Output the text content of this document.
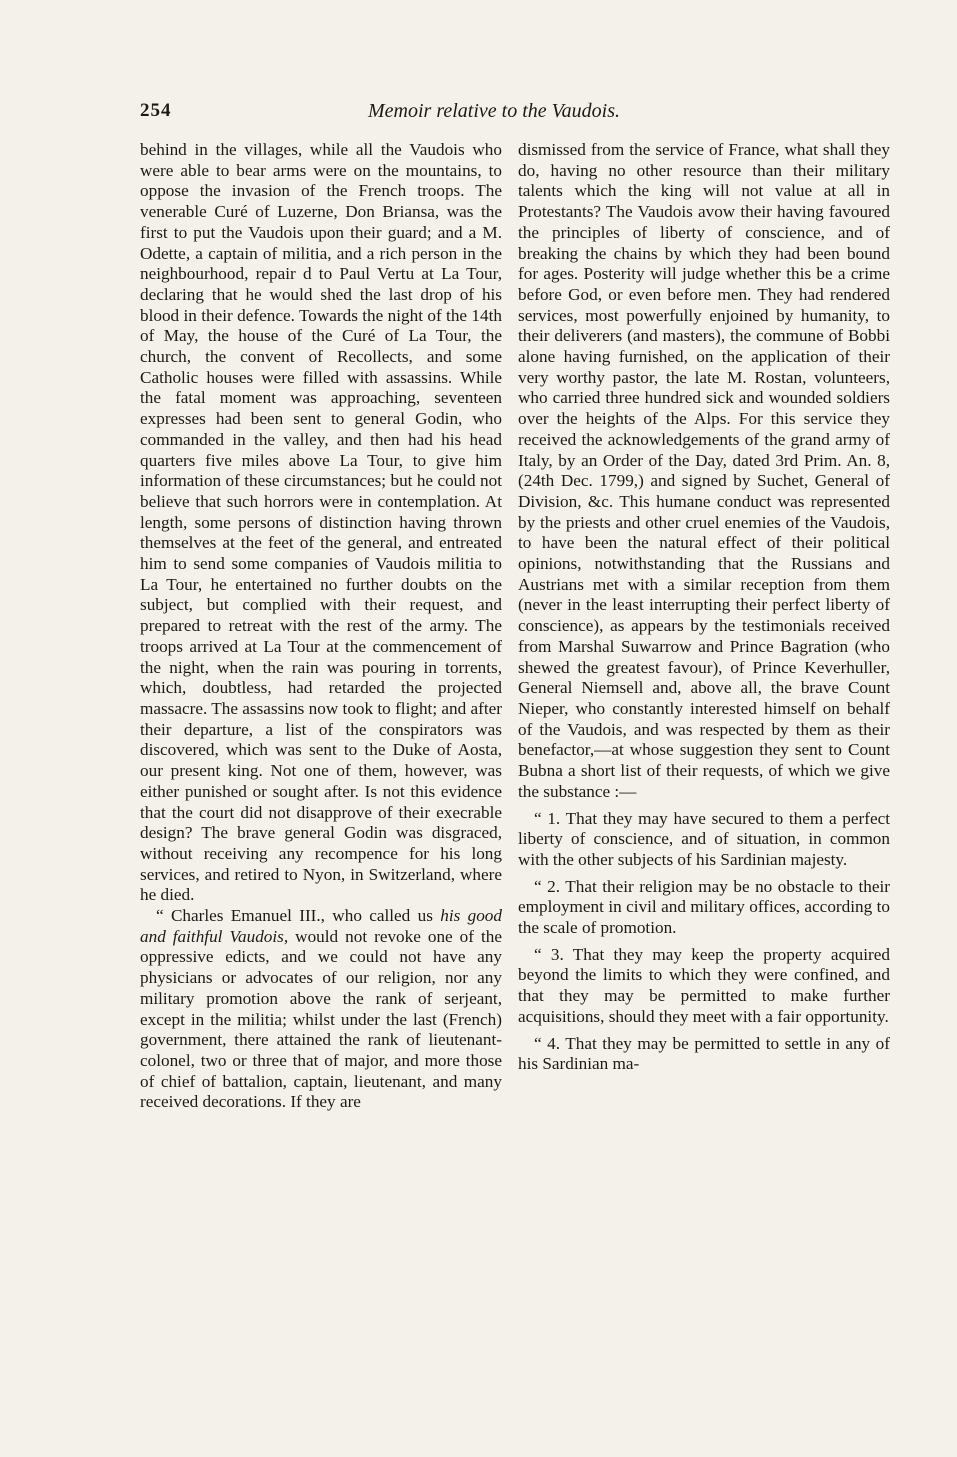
254	Memoir relative to the Vaudois.

behind in the villages, while all the Vaudois who were able to bear arms were on the mountains, to oppose the invasion of the French troops. The venerable Curé of Luzerne, Don Briansa, was the first to put the Vaudois upon their guard; and a M. Odette, a captain of militia, and a rich person in the neighbourhood, repair d to Paul Vertu at La Tour, declaring that he would shed the last drop of his blood in their defence. Towards the night of the 14th of May, the house of the Curé of La Tour, the church, the convent of Recollects, and some Catholic houses were filled with assassins. While the fatal moment was approaching, seventeen expresses had been sent to general Godin, who commanded in the valley, and then had his head quarters five miles above La Tour, to give him information of these circumstances; but he could not believe that such horrors were in contemplation. At length, some persons of distinction having thrown themselves at the feet of the general, and entreated him to send some companies of Vaudois militia to La Tour, he entertained no further doubts on the subject, but complied with their request, and prepared to retreat with the rest of the army. The troops arrived at La Tour at the commencement of the night, when the rain was pouring in torrents, which, doubtless, had retarded the projected massacre. The assassins now took to flight; and after their departure, a list of the conspirators was discovered, which was sent to the Duke of Aosta, our present king. Not one of them, however, was either punished or sought after. Is not this evidence that the court did not disapprove of their execrable design? The brave general Godin was disgraced, without receiving any recompence for his long services, and retired to Nyon, in Switzerland, where he died.

“ Charles Emanuel III., who called us his good and faithful Vaudois, would not revoke one of the oppressive edicts, and we could not have any physicians or advocates of our religion, nor any military promotion above the rank of serjeant, except in the militia; whilst under the last (French) government, there attained the rank of lieutenant-colonel, two or three that of major, and more those of chief of battalion, captain, lieutenant, and many received decorations. If they are

dismissed from the service of France, what shall they do, having no other resource than their military talents which the king will not value at all in Protestants? The Vaudois avow their having favoured the principles of liberty of conscience, and of breaking the chains by which they had been bound for ages. Posterity will judge whether this be a crime before God, or even before men. They had rendered services, most powerfully enjoined by humanity, to their deliverers (and masters), the commune of Bobbi alone having furnished, on the application of their very worthy pastor, the late M. Rostan, volunteers, who carried three hundred sick and wounded soldiers over the heights of the Alps. For this service they received the acknowledgements of the grand army of Italy, by an Order of the Day, dated 3rd Prim. An. 8, (24th Dec. 1799,) and signed by Suchet, General of Division, &c. This humane conduct was represented by the priests and other cruel enemies of the Vaudois, to have been the natural effect of their political opinions, notwithstanding that the Russians and Austrians met with a similar reception from them (never in the least interrupting their perfect liberty of conscience), as appears by the testimonials received from Marshal Suwarrow and Prince Bagration (who shewed the greatest favour), of Prince Keverhuller, General Niemsell and, above all, the brave Count Nieper, who constantly interested himself on behalf of the Vaudois, and was respected by them as their benefactor,—at whose suggestion they sent to Count Bubna a short list of their requests, of which we give the substance :—

“ 1. That they may have secured to them a perfect liberty of conscience, and of situation, in common with the other subjects of his Sardinian majesty.

“ 2. That their religion may be no obstacle to their employment in civil and military offices, according to the scale of promotion.

“ 3. That they may keep the property acquired beyond the limits to which they were confined, and that they may be permitted to make further acquisitions, should they meet with a fair opportunity.

“ 4. That they may be permitted to settle in any of his Sardinian ma-
